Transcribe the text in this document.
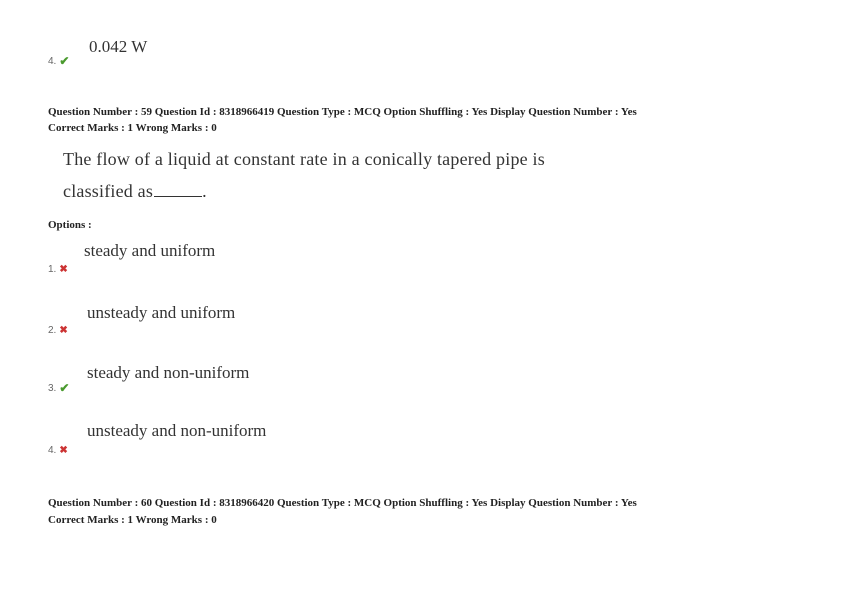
0.042 W
4. ✔
Question Number : 59 Question Id : 8318966419 Question Type : MCQ Option Shuffling : Yes Display Question Number : Yes
Correct Marks : 1 Wrong Marks : 0
The flow of a liquid at constant rate in a conically tapered pipe is
classified as	.
Options :
steady and uniform
1. ✖
unsteady and uniform
2. ✖
steady and non-uniform
3. ✔
unsteady and non-uniform
4. ✖
Question Number : 60 Question Id : 8318966420 Question Type : MCQ Option Shuffling : Yes Display Question Number : Yes
Correct Marks : 1 Wrong Marks : 0
